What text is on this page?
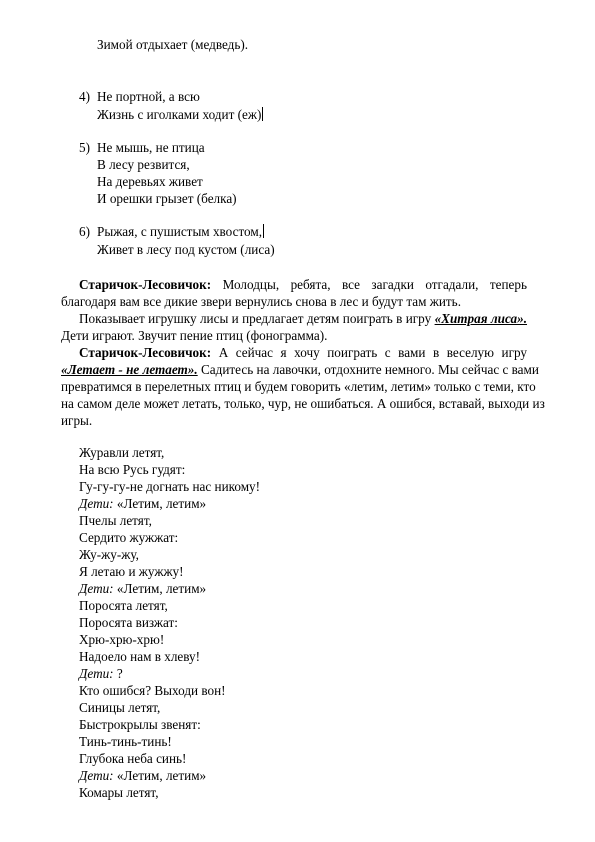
Зимой отдыхает (медведь).
4) Не портной, а всю
Жизнь с иголками ходит (еж)
5) Не мышь, не птица
В лесу резвится,
На деревьях живет
И орешки грызет (белка)
6) Рыжая, с пушистым хвостом,
Живет в лесу под кустом (лиса)
Старичок-Лесовичок: Молодцы, ребята, все загадки отгадали, теперь
благодаря вам все дикие звери вернулись снова в лес и будут там жить.
Показывает игрушку лисы и предлагает детям поиграть в игру «Хитрая лиса».
Дети играют. Звучит пение птиц (фонограмма).
Старичок-Лесовичок: А сейчас я хочу поиграть с вами в веселую игру
«Летает - не летает». Садитесь на лавочки, отдохните немного. Мы сейчас с вами
превратимся в перелетных птиц и будем говорить «летим, летим» только с теми, кто
на самом деле может летать, только, чур, не ошибаться. А ошибся, вставай, выходи из
игры.
Журавли летят,
На всю Русь гудят:
Гу-гу-гу-не догнать нас никому!
Дети: «Летим, летим»
Пчелы летят,
Сердито жужжат:
Жу-жу-жу,
Я летаю и жужжу!
Дети: «Летим, летим»
Поросята летят,
Поросята визжат:
Хрю-хрю-хрю!
Надоело нам в хлеву!
Дети: ?
Кто ошибся? Выходи вон!
Синицы летят,
Быстрокрылы звенят:
Тинь-тинь-тинь!
Глубока неба синь!
Дети: «Летим, летим»
Комары летят,
